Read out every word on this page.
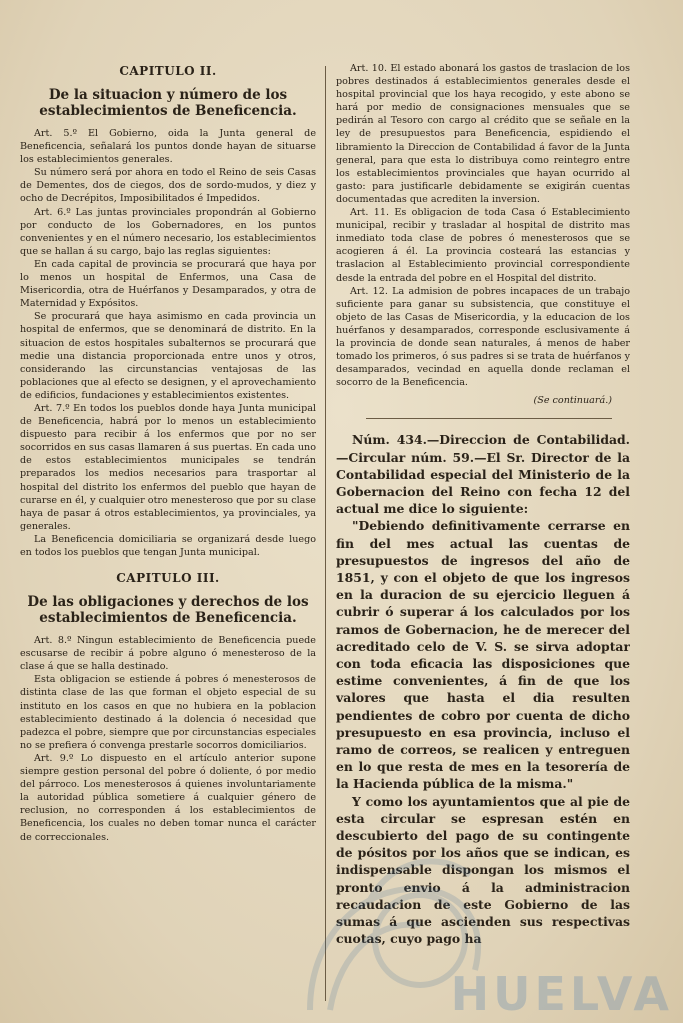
CAPITULO II.
De la situacion y número de los establecimientos de Beneficencia.

Art. 5.º El Gobierno, oida la Junta general de Beneficencia, señalará los puntos donde hayan de situarse los establecimientos generales.

Su número será por ahora en todo el Reino de seis Casas de Dementes, dos de ciegos, dos de sordo-mudos, y diez y ocho de Decrépitos, Imposibilitados é Impedidos.

Art. 6.º Las juntas provinciales propondrán al Gobierno por conducto de los Gobernadores, en los puntos convenientes y en el número necesario, los establecimientos que se hallan á su cargo, bajo las reglas siguientes:

En cada capital de provincia se procurará que haya por lo menos un hospital de Enfermos, una Casa de Misericordia, otra de Huérfanos y Desamparados, y otra de Maternidad y Expósitos.

Se procurará que haya asimismo en cada provincia un hospital de enfermos, que se denominará de distrito. En la situacion de estos hospitales subalternos se procurará que medie una distancia proporcionada entre unos y otros, considerando las circunstancias ventajosas de las poblaciones que al efecto se designen, y el aprovechamiento de edificios, fundaciones y establecimientos existentes.

Art. 7.º En todos los pueblos donde haya Junta municipal de Beneficencia, habrá por lo menos un establecimiento dispuesto para recibir á los enfermos que por no ser socorridos en sus casas llamaren á sus puertas. En cada uno de estos establecimientos municipales se tendrán preparados los medios necesarios para trasportar al hospital del distrito los enfermos del pueblo que hayan de curarse en él, y cualquier otro menesteroso que por su clase haya de pasar á otros establecimientos, ya provinciales, ya generales.

La Beneficencia domiciliaria se organizará desde luego en todos los pueblos que tengan Junta municipal.

CAPITULO III.
De las obligaciones y derechos de los establecimientos de Beneficencia.

Art. 8.º Ningun establecimiento de Beneficencia puede escusarse de recibir á pobre alguno ó menesteroso de la clase á que se halla destinado.

Esta obligacion se estiende á pobres ó menesterosos de distinta clase de las que forman el objeto especial de su instituto en los casos en que no hubiera en la poblacion establecimiento destinado á la dolencia ó necesidad que padezca el pobre, siempre que por circunstancias especiales no se prefiera ó convenga prestarle socorros domiciliarios.

Art. 9.º Lo dispuesto en el artículo anterior supone siempre gestion personal del pobre ó doliente, ó por medio del párroco. Los menesterosos á quienes involuntariamente la autoridad pública sometiere á cualquier género de reclusion, no corresponden á los establecimientos de Beneficencia, los cuales no deben tomar nunca el carácter de correccionales.

Art. 10. El estado abonará los gastos de traslacion de los pobres destinados á establecimientos generales desde el hospital provincial que los haya recogido, y este abono se hará por medio de consignaciones mensuales que se pedirán al Tesoro con cargo al crédito que se señale en la ley de presupuestos para Beneficencia, espidiendo el libramiento la Direccion de Contabilidad á favor de la Junta general, para que esta lo distribuya como reintegro entre los establecimientos provinciales que hayan ocurrido al gasto: para justificarle debidamente se exigirán cuentas documentadas que acrediten la inversion.

Art. 11. Es obligacion de toda Casa ó Establecimiento municipal, recibir y trasladar al hospital de distrito mas inmediato toda clase de pobres ó menesterosos que se acogieren á él. La provincia costeará las estancias y traslacion al Establecimiento provincial correspondiente desde la entrada del pobre en el Hospital del distrito.

Art. 12. La admision de pobres incapaces de un trabajo suficiente para ganar su subsistencia, que constituye el objeto de las Casas de Misericordia, y la educacion de los huérfanos y desamparados, corresponde esclusivamente á la provincia de donde sean naturales, á menos de haber tomado los primeros, ó sus padres si se trata de huérfanos y desamparados, vecindad en aquella donde reclaman el socorro de la Beneficencia.

(Se continuará.)

Núm. 434.—Direccion de Contabilidad.—Circular núm. 59.—El Sr. Director de la Contabilidad especial del Ministerio de la Gobernacion del Reino con fecha 12 del actual me dice lo siguiente:

"Debiendo definitivamente cerrarse en fin del mes actual las cuentas de presupuestos de ingresos del año de 1851, y con el objeto de que los ingresos en la duracion de su ejercicio lleguen á cubrir ó superar á los calculados por los ramos de Gobernacion, he de merecer del acreditado celo de V. S. se sirva adoptar con toda eficacia las disposiciones que estime convenientes, á fin de que los valores que hasta el dia resulten pendientes de cobro por cuenta de dicho presupuesto en esa provincia, incluso el ramo de correos, se realicen y entreguen en lo que resta de mes en la tesorería de la Hacienda pública de la misma."

Y como los ayuntamientos que al pie de esta circular se espresan estén en descubierto del pago de su contingente de pósitos por los años que se indican, es indispensable dispongan los mismos el pronto envio á la administracion recaudacion de este Gobierno de las sumas á que ascienden sus respectivas cuotas, cuyo pago ha

HUELVA
